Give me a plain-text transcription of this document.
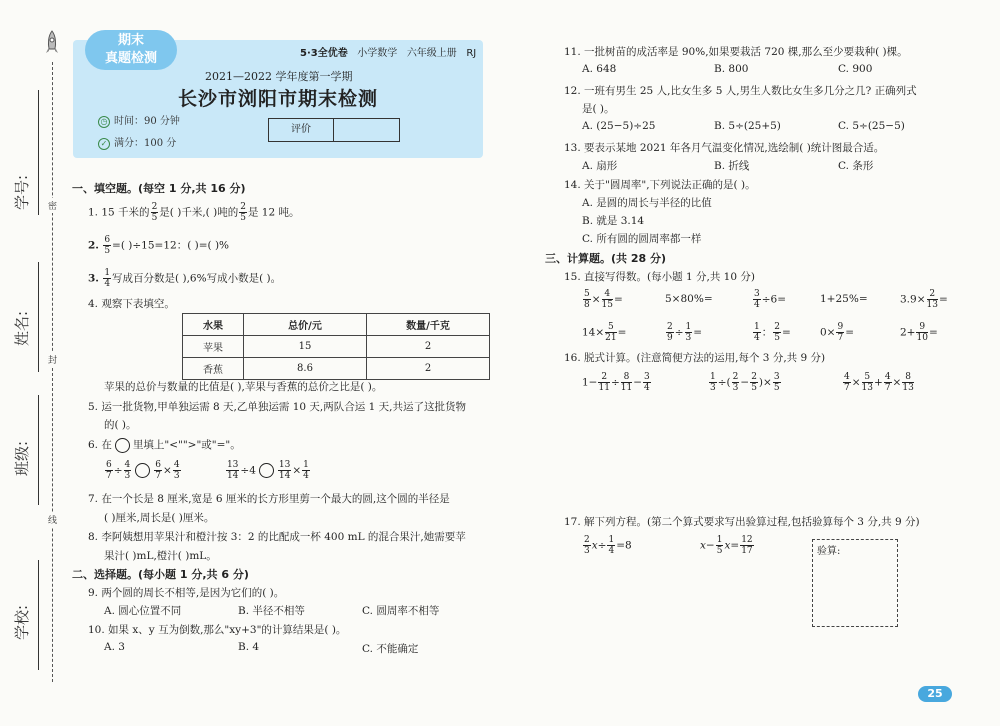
学校:
班级:
姓名:
学号: 密
封
线
期末
真题检测	5·3全优卷 小学数学 六年级上册 RJ
2021—2022 学年度第一学期
长沙市浏阳市期末检测
◷ 时间：90 分钟
✓ 满分：100 分
评价
一、填空题。(每空 1 分,共 16 分)
1. 15 千米的 $\frac{2}{5}$ 是( )千米,( )吨的 $\frac{2}{5}$ 是 12 吨。
2. $\frac{6}{5}$ =( )÷15=12：( )=( )%
3. $\frac{1}{4}$ 写成百分数是( ),6%写成小数是( )。
4. 观察下表填空。
水果	总价/元	数量/千克
苹果	15	2
香蕉	8.6	2
苹果的总价与数量的比值是( ),苹果与香蕉的总价之比是( )。
5. 运一批货物,甲单独运需 8 天,乙单独运需 10 天,两队合运 1 天,共运了这批货物
的( )。
6. 在 里填上"<"">"或"="。
$\frac{6}{7} \div \frac{4}{3}$	$\frac{6}{7} \times \frac{4}{3}$
	$\frac{13}{14} \div 4 \frac{13}{14} \times \frac{1}{4}$
7. 在一个长是 8 厘米,宽是 6 厘米的长方形里剪一个最大的圆,这个圆的半径是
( )厘米,周长是( )厘米。
8. 李阿姨想用苹果汁和橙汁按 3：2 的比配成一杯 400 mL 的混合果汁,她需要苹
果汁( )mL,橙汁( )mL。
二、选择题。(每小题 1 分,共 6 分)
9. 两个圆的周长不相等,是因为它们的( )。
A. 圆心位置不同	B. 半径不相等	C. 圆周率不相等
10. 如果 x、y 互为倒数,那么"xy+3"的计算结果是( )。
A. 3	B. 4	C. 不能确定
11. 一批树苗的成活率是 90%,如果要栽活 720 棵,那么至少要栽种( )棵。
A. 648	B. 800	C. 900
12. 一班有男生 25 人,比女生多 5 人,男生人数比女生多几分之几? 正确列式
是( )。
A. (25−5)÷25	B. 5÷(25+5)	C. 5÷(25−5)
13. 要表示某地 2021 年各月气温变化情况,选绘制( )统计图最合适。
A. 扇形	B. 折线	C. 条形
14. 关于"圆周率",下列说法正确的是( )。
A. 是圆的周长与半径的比值
B. 就是 3.14
C. 所有圆的圆周率都一样
三、计算题。(共 28 分)
15. 直接写得数。(每小题 1 分,共 10 分)
$\frac{5}{8} \times \frac{4}{15}$ =	5×80%=	$\frac{3}{4} \div 6=$	1+25%=	$3.9\times \frac{2}{13}$ =
$14\times \frac{5}{21}$ =	$\frac{2}{9} \div \frac{1}{3}$ =	$\frac{1}{4}$ ： $\frac{2}{5}$ =	$0\times \frac{9}{7}$ =	$2+ \frac{9}{10}$ =
16. 脱式计算。(注意简便方法的运用,每个 3 分,共 9 分)
$1- \frac{2}{11} \div \frac{8}{11} - \frac{3}{4}$	$\frac{1}{3}$ ÷( $\frac{2}{3} - \frac{2}{5}$ )× $\frac{3}{5}$	$\frac{4}{7} \times \frac{5}{13} + \frac{4}{7} \times \frac{8}{13}$
17. 解下列方程。(第二个算式要求写出验算过程,包括验算每个 3 分,共 9 分)
$\frac{2}{3} x\div \frac{1}{4} =8$	$x- \frac{1}{5} x= \frac{12}{17}$	验算:
25
